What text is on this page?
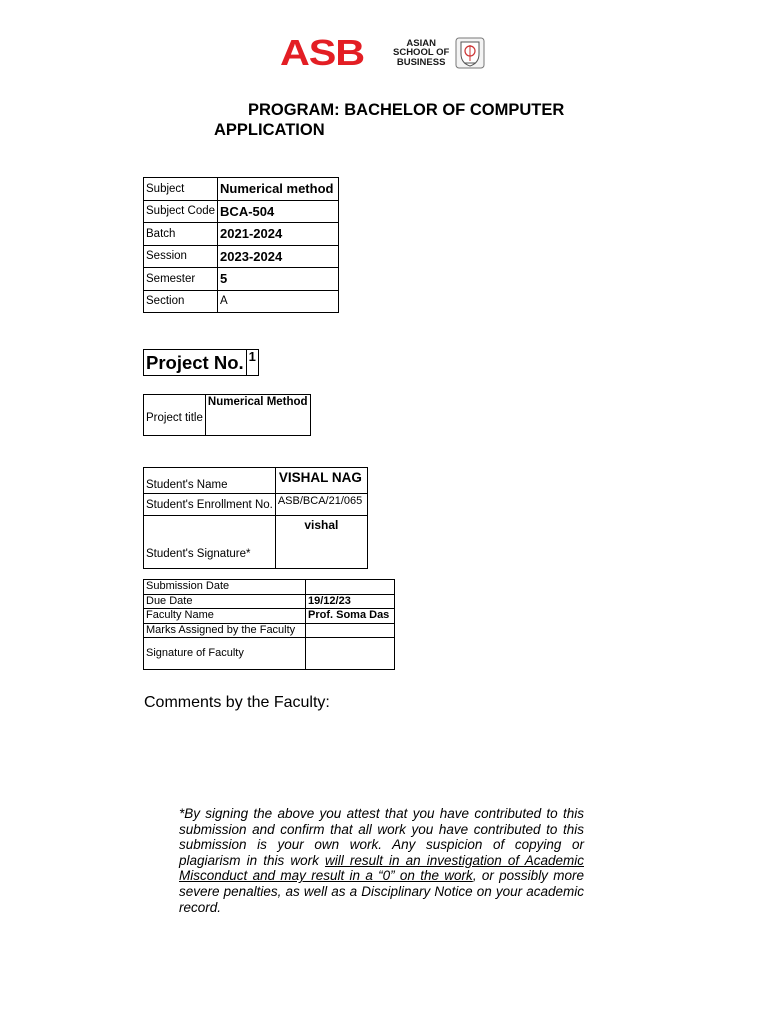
ASB	ASIAN
SCHOOL OF
BUSINESS
PROGRAM: BACHELOR OF COMPUTER
APPLICATION
Subject	Numerical method
Subject Code	BCA-504
Batch	2021-2024
Session	2023-2024
Semester	5
Section	A
Project No. 1
Project title	Numerical Method
Student's Name	VISHAL NAG
Student's Enrollment No.	ASB/BCA/21/065
Student's Signature*	vishal
Submission Date	
Due Date	19/12/23
Faculty Name	Prof. Soma Das
Marks Assigned by the Faculty	
Signature of Faculty	
Comments by the Faculty:
*By signing the above you attest that you have contributed to this submission and confirm that all work you have contributed to this submission is your own work. Any suspicion of copying or plagiarism in this work will result in an investigation of Academic Misconduct and may result in a “0” on the work, or possibly more severe penalties, as well as a Disciplinary Notice on your academic record.
